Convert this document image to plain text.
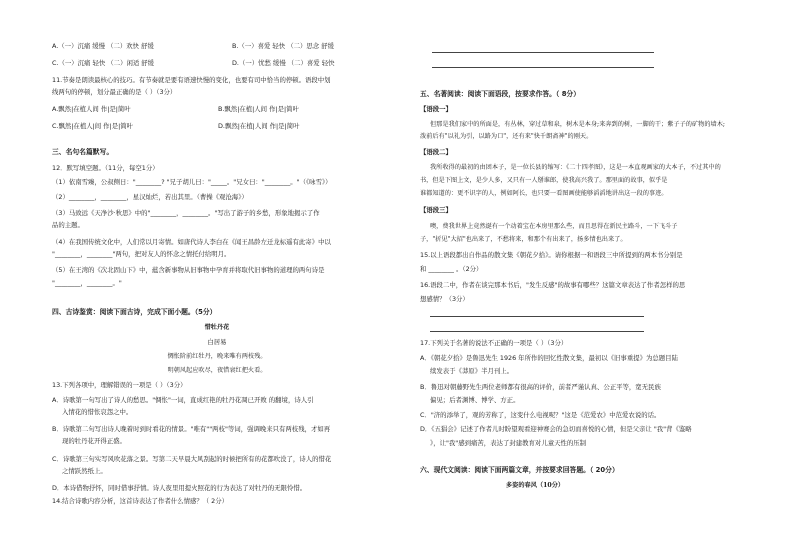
A.（一）沉痛 缓慢 （二）欢快 舒缓	B.（一）喜爱 轻快 （二）思念 舒缓
C.（一）沉痛 轻快 （二）闲适 舒缓	D.（一）忧愁 缓慢 （二）喜爱 轻快
11.节奏是朗读最核心的技巧。有节奏就是要有语速快慢的变化，也要有司中恰当的停顿。语段中划
线两句的停顿，划分最正确的是（ ）（3分）
A.飘然|在植人间 作|是|简叶	B.飘然|在植|人间 作|是|简叶
C.飘然|在植人|间 作|是|简叶	D.飘然|在植|人间 作|是|简叶
三、名句名篇默写。
12．默写填空题。（11分，每空1分）
（1）依南雪臻，公叔侧日："________? "兄子胡儿曰："_____。"兄女曰："________。"（《咏雪》）
（2）________，________，星汉灿烂，若出其里。（曹操《观沧海》）
（3）马致远《天净沙·秋思》中的"________，________。"写出了游子的乡愁，形象地揭示了作
品的主题。
（4）在我国传统文化中，人们常以月寄情。如唐代诗人李白在《闻王昌龄左迁龙标遥有此寄》中以
"________，________"两句，把对友人的怀念之情托付给明月。
（5）在王湾的《次北固山下》中，蕴含新事物从旧事物中孕育并将取代旧事物的道理的两句诗是
"________，________。"
四、古诗鉴赏：阅读下面古诗，完成下面小题。（5分）
惜牡丹花
白居易
惆怅阶前红牡丹，晚来唯有两枝残。
明朝风起应吹尽，夜惜衰红把火看。
13.下列各项中，理解错误的一项是（ ）（3分）
A．诗歌第一句写出了诗人的愁思。"惆怅"一词，直成红艳的牡丹花凋已开败 的翻境，诗人引
入情花的惜怅哀怨之中。
B．诗歌第二句写出诗人晚着时到时看花的情景。"唯有""两枝"等词，强调晚来只有两枝残，才如再
现的牡丹花开得正盛。
C．诗歌第三句实写风吹花落之景。写第二天早晨大风刮起的时候把所有的花都吹没了，诗人的惜花
之情跃然纸上。
D．本诗借物抒怀，同时借事抒情。诗人夜里用提火照花的行为表达了对牡丹的无限怜惜。
14.结合诗歌内容分析，这首诗表达了作者什么情感？（ 2分）
五、名著阅读：阅读下面语段，按要求作答。（ 8分）
【语段一】
但那是我们家中的所面是，有丛林，穿过草和泉，树木是本身;来奔到的树，一脚的干；紫子子的矿物的墙木;
泼前后有"以礼为引，以路为口"，还有来"快千朗斋神"的刚天。
【语段二】
我所收得的最初的由团本子，是一位长县的缩写：《二十四孝图》，这是一本直观画家的大本子，不过其中的
书，但是下图上文，是少人多，又只有一人掰谁郎，使我高兴我了。那里面的故事，似乎是
谁都知道的：更不识字的人，例如阿长，也只要一看图画使能够滔滔地讲出这一段的事迹。
【语段三】
噢，费我世界上竟然诞有一个动着宝在本房里那么些，而且思得在新民主路斗，一下飞斗子
子，"折见"大招"也出来了，不愁将来，和那个有出来了，扬多情也出来了。
15.以上语段都出自作品的散文集《朝花夕拾》。请你根据一和语段三中所提到的两本书分别是
和 ________ 。（2分）
16.语段二中，作者在谈完那本书后，"发生反感"的故事有哪些？这篇文章表达了作者怎样的思
想感情？（3分）
17.下列关于名著的说法不正确的一项是（ ）（3分）
A．《朝花夕拾》是鲁迅先生 1926 年所作的回忆性散文集，最初以《旧事重提》为总题目陆
续发表于《莽原》半月刊上。
B．鲁迅对朝藤野先生两位老师都有很高的评价，前者严谨认真、公正平等，宽无民族
偏见；后者渊博、博学、方正。
C．"济的添举了，观的芳称了，这变什么电视呢？"这是《范爱农》中范爱农说的话。
D．《五猖会》记述了作者儿时盼望观看迎神赛会的急切而喜悦的心情，但是父亲让 "我"背《鉴略
》，让"我"感到痛苦，表达了封建教育对儿童天性的压制
六、现代文阅读：阅读下面两篇文章，并按要求回答题。（ 20分）
多姿的春风（10分）
